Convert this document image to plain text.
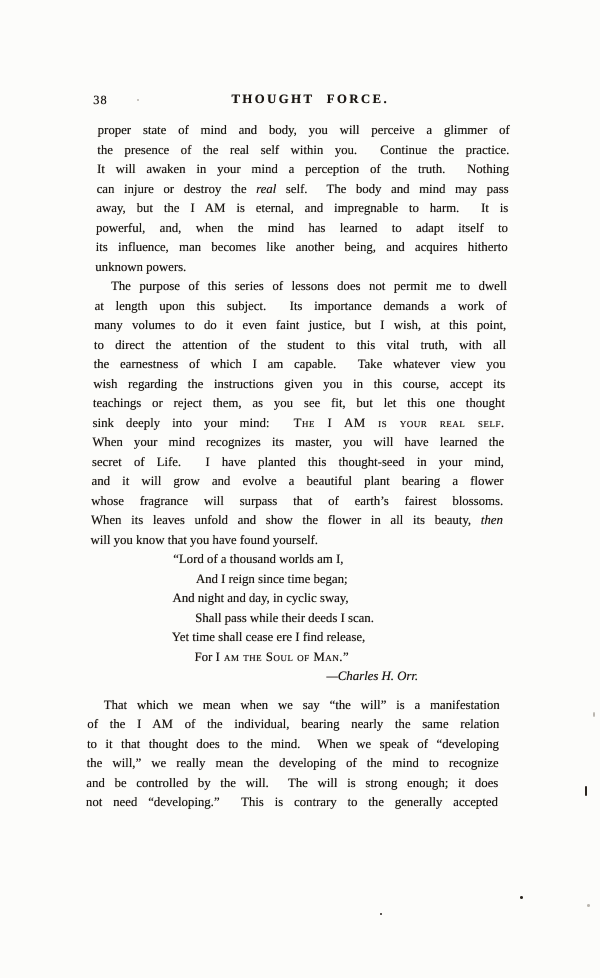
38	THOUGHT FORCE.
proper state of mind and body, you will perceive a glimmer of
the presence of the real self within you.  Continue the practice.
It will awaken in your mind a perception of the truth.  Nothing
can injure or destroy the real self.  The body and mind may pass
away, but the I AM is eternal, and impregnable to harm.  It is
powerful, and, when the mind has learned to adapt itself to
its influence, man becomes like another being, and acquires hitherto
unknown powers.
The purpose of this series of lessons does not permit me to dwell
at length upon this subject.  Its importance demands a work of
many volumes to do it even faint justice, but I wish, at this point,
to direct the attention of the student to this vital truth, with all
the earnestness of which I am capable.  Take whatever view you
wish regarding the instructions given you in this course, accept its
teachings or reject them, as you see fit, but let this one thought
sink deeply into your mind:  The I AM is your real self.
When your mind recognizes its master, you will have learned the
secret of Life.  I have planted this thought-seed in your mind,
and it will grow and evolve a beautiful plant bearing a flower
whose fragrance will surpass that of earth’s fairest blossoms.
When its leaves unfold and show the flower in all its beauty, then
will you know that you have found yourself.
“Lord of a thousand worlds am I,
And I reign since time began;
And night and day, in cyclic sway,
Shall pass while their deeds I scan.
Yet time shall cease ere I find release,
For I am the Soul of Man.”
—Charles H. Orr.
That which we mean when we say “the will” is a manifestation
of the I AM of the individual, bearing nearly the same relation
to it that thought does to the mind.  When we speak of “developing
the will,” we really mean the developing of the mind to recognize
and be controlled by the will.  The will is strong enough; it does
not need “developing.”  This is contrary to the generally accepted
